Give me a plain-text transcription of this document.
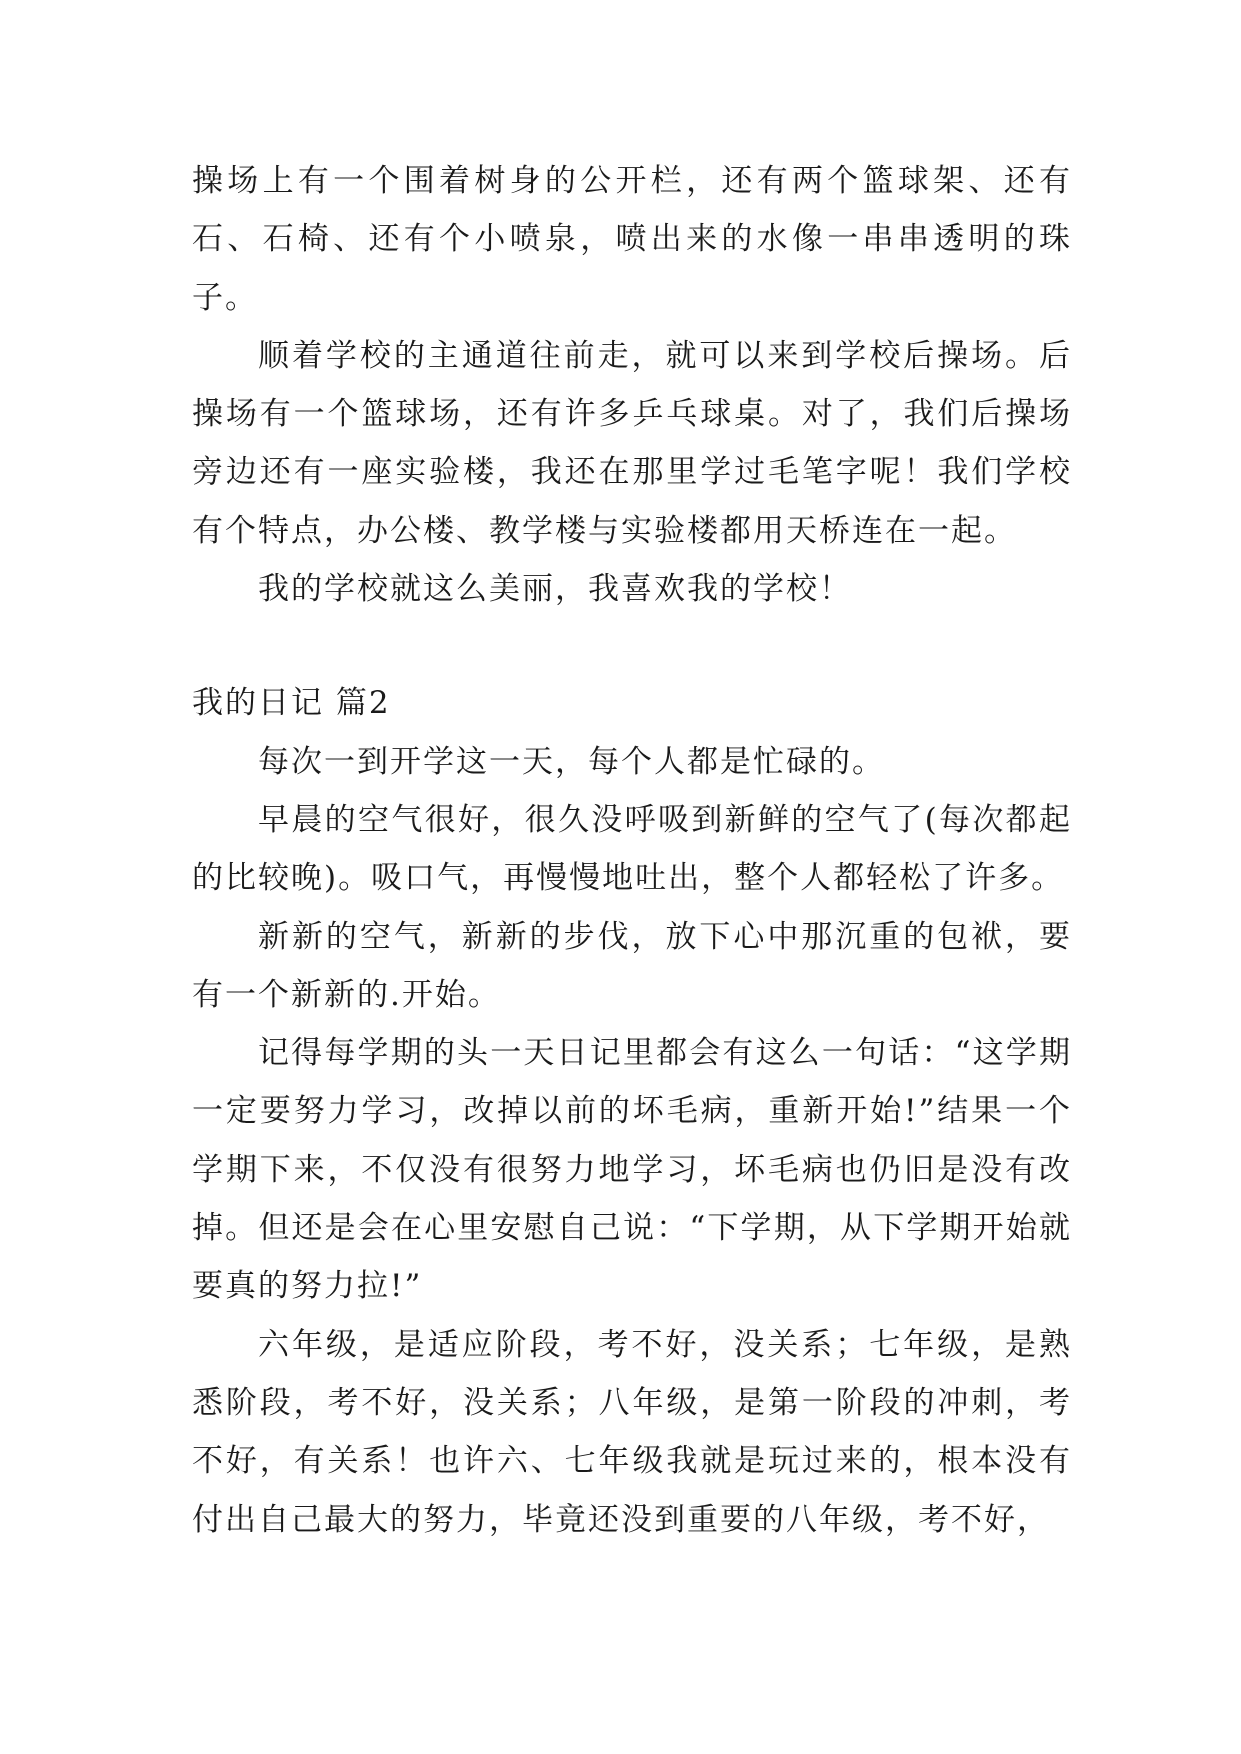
操场上有一个围着树身的公开栏，还有两个篮球架、还有石、石椅、还有个小喷泉，喷出来的水像一串串透明的珠子。

顺着学校的主通道往前走，就可以来到学校后操场。后操场有一个篮球场，还有许多乒乓球桌。对了，我们后操场旁边还有一座实验楼，我还在那里学过毛笔字呢！我们学校有个特点，办公楼、教学楼与实验楼都用天桥连在一起。

我的学校就这么美丽，我喜欢我的学校！

我的日记 篇2

每次一到开学这一天，每个人都是忙碌的。

早晨的空气很好，很久没呼吸到新鲜的空气了(每次都起的比较晚)。吸口气，再慢慢地吐出，整个人都轻松了许多。

新新的空气，新新的步伐，放下心中那沉重的包袱，要有一个新新的.开始。

记得每学期的头一天日记里都会有这么一句话：“这学期一定要努力学习，改掉以前的坏毛病，重新开始!”结果一个学期下来，不仅没有很努力地学习，坏毛病也仍旧是没有改掉。但还是会在心里安慰自己说：“下学期，从下学期开始就要真的努力拉!”

六年级，是适应阶段，考不好，没关系；七年级，是熟悉阶段，考不好，没关系；八年级，是第一阶段的冲刺，考不好，有关系！也许六、七年级我就是玩过来的，根本没有付出自己最大的努力，毕竟还没到重要的八年级，考不好，
